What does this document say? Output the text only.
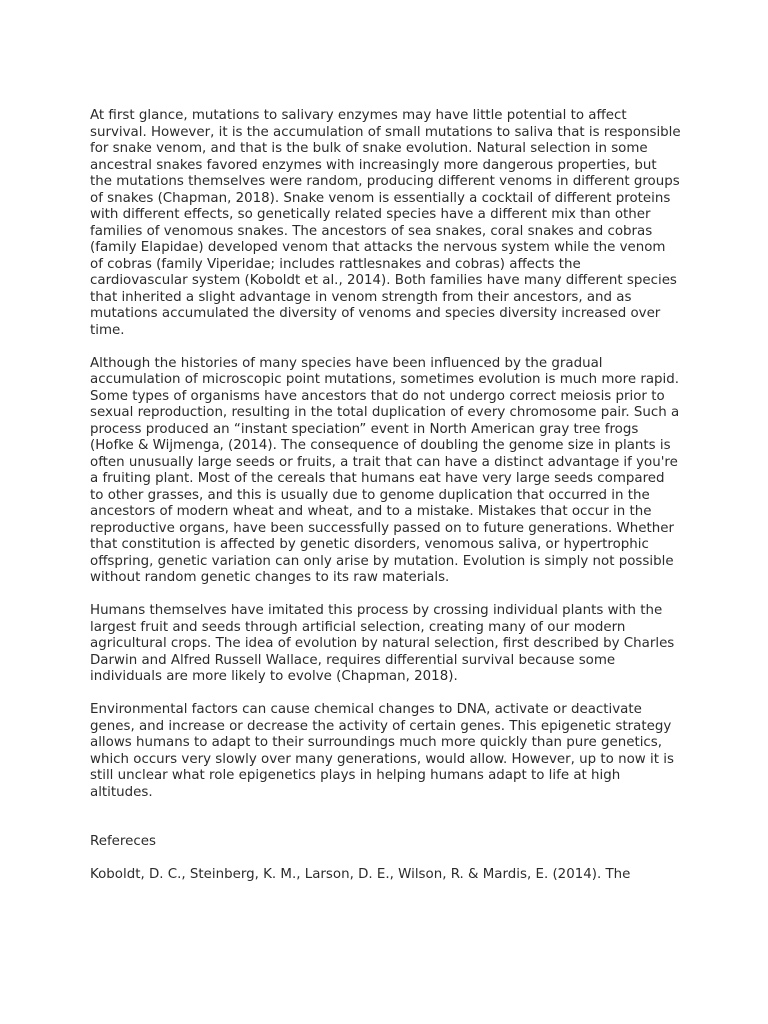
At first glance, mutations to salivary enzymes may have little potential to affect survival. However, it is the accumulation of small mutations to saliva that is responsible for snake venom, and that is the bulk of snake evolution. Natural selection in some ancestral snakes favored enzymes with increasingly more dangerous properties, but the mutations themselves were random, producing different venoms in different groups of snakes (Chapman, 2018). Snake venom is essentially a cocktail of different proteins with different effects, so genetically related species have a different mix than other families of venomous snakes. The ancestors of sea snakes, coral snakes and cobras (family Elapidae) developed venom that attacks the nervous system while the venom of cobras (family Viperidae; includes rattlesnakes and cobras) affects the cardiovascular system (Koboldt et al., 2014). Both families have many different species that inherited a slight advantage in venom strength from their ancestors, and as mutations accumulated the diversity of venoms and species diversity increased over time.

Although the histories of many species have been influenced by the gradual accumulation of microscopic point mutations, sometimes evolution is much more rapid. Some types of organisms have ancestors that do not undergo correct meiosis prior to sexual reproduction, resulting in the total duplication of every chromosome pair. Such a process produced an “instant speciation” event in North American gray tree frogs (Hofke & Wijmenga, (2014). The consequence of doubling the genome size in plants is often unusually large seeds or fruits, a trait that can have a distinct advantage if you're a fruiting plant. Most of the cereals that humans eat have very large seeds compared to other grasses, and this is usually due to genome duplication that occurred in the ancestors of modern wheat and wheat, and to a mistake. Mistakes that occur in the reproductive organs, have been successfully passed on to future generations. Whether that constitution is affected by genetic disorders, venomous saliva, or hypertrophic offspring, genetic variation can only arise by mutation. Evolution is simply not possible without random genetic changes to its raw materials.

Humans themselves have imitated this process by crossing individual plants with the largest fruit and seeds through artificial selection, creating many of our modern agricultural crops. The idea of evolution by natural selection, first described by Charles Darwin and Alfred Russell Wallace, requires differential survival because some individuals are more likely to evolve (Chapman, 2018).

Environmental factors can cause chemical changes to DNA, activate or deactivate genes, and increase or decrease the activity of certain genes. This epigenetic strategy allows humans to adapt to their surroundings much more quickly than pure genetics, which occurs very slowly over many generations, would allow. However, up to now it is still unclear what role epigenetics plays in helping humans adapt to life at high altitudes.

Refereces

Koboldt, D. C., Steinberg, K. M., Larson, D. E., Wilson, R. & Mardis, E. (2014). The
